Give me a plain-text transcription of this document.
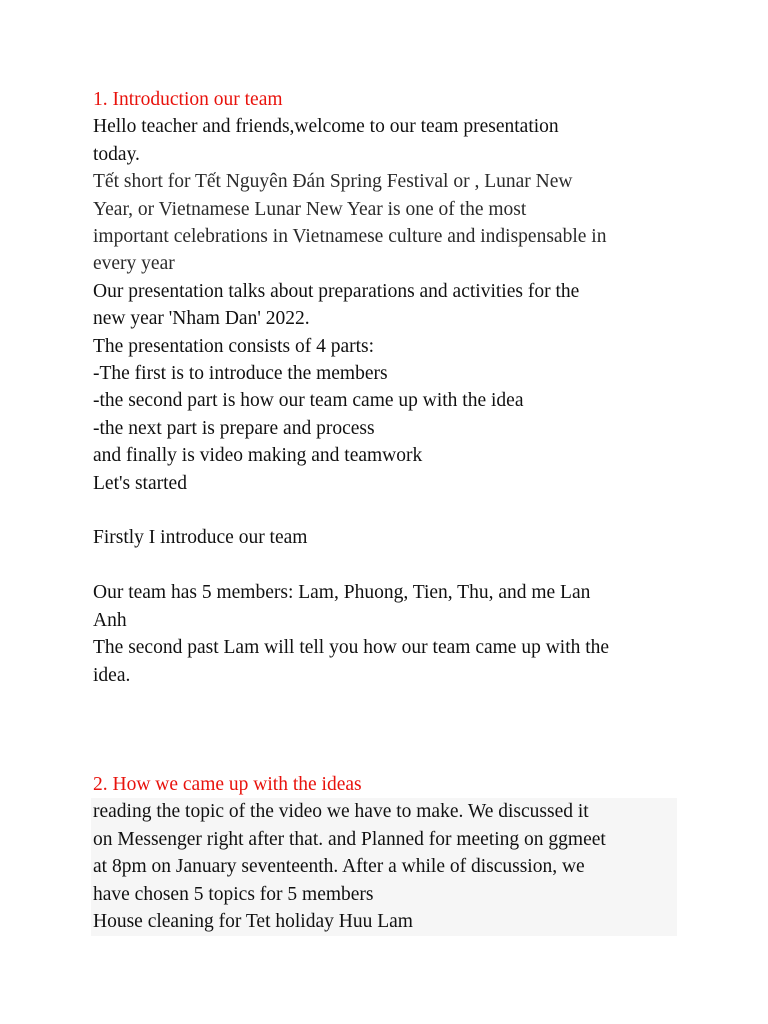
1. Introduction our team
Hello teacher and friends,welcome to our team presentation
today.
Tết short for Tết Nguyên Đán Spring Festival or , Lunar New
Year, or Vietnamese Lunar New Year is one of the most
important celebrations in Vietnamese culture and indispensable in
every year
Our presentation talks about preparations and activities for the
new year 'Nham Dan' 2022.
The presentation consists of 4 parts:
-The first is to introduce the members
-the second part is how our team came up with the idea
-the next part is prepare and process
and finally is video making and teamwork
Let's started
Firstly I introduce our team
Our team has 5 members: Lam, Phuong, Tien, Thu, and me Lan
Anh
The second past Lam will tell you how our team came up with the
idea.
2. How we came up with the ideas
reading the topic of the video we have to make. We discussed it
on Messenger right after that. and Planned for meeting on ggmeet
at 8pm on January seventeenth. After a while of discussion, we
have chosen 5 topics for 5 members
House cleaning for Tet holiday Huu Lam
